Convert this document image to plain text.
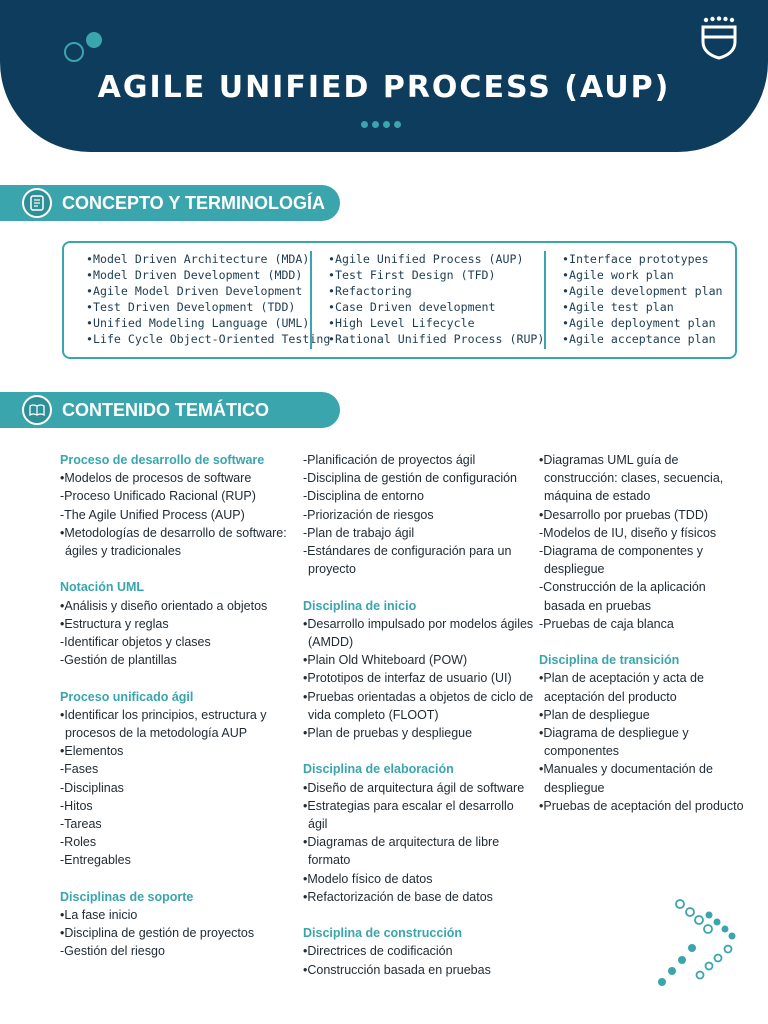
AGILE UNIFIED PROCESS (AUP)
CONCEPTO Y TERMINOLOGÍA
•Model Driven Architecture (MDA)
•Model Driven Development (MDD)
•Agile Model Driven Development
•Test Driven Development (TDD)
•Unified Modeling Language (UML)
•Life Cycle Object-Oriented Testing
•Agile Unified Process (AUP)
•Test First Design (TFD)
•Refactoring
•Case Driven development
•High Level Lifecycle
•Rational Unified Process (RUP)
•Interface prototypes
•Agile work plan
•Agile development plan
•Agile test plan
•Agile deployment plan
•Agile acceptance plan
CONTENIDO TEMÁTICO
Proceso de desarrollo de software
•Modelos de procesos de software
-Proceso Unificado Racional (RUP)
-The Agile Unified Process (AUP)
•Metodologías de desarrollo de software: ágiles y tradicionales
Notación UML
•Análisis y diseño orientado a objetos
•Estructura y reglas
-Identificar objetos y clases
-Gestión de plantillas
Proceso unificado ágil
•Identificar los principios, estructura y procesos de la metodología AUP
•Elementos
-Fases
-Disciplinas
-Hitos
-Tareas
-Roles
-Entregables
Disciplinas de soporte
•La fase inicio
•Disciplina de gestión de proyectos
-Gestión del riesgo
-Planificación de proyectos ágil
-Disciplina de gestión de configuración
-Disciplina de entorno
-Priorización de riesgos
-Plan de trabajo ágil
-Estándares de configuración para un proyecto
Disciplina de inicio
•Desarrollo impulsado por modelos ágiles (AMDD)
•Plain Old Whiteboard (POW)
•Prototipos de interfaz de usuario (UI)
•Pruebas orientadas a objetos de ciclo de vida completo (FLOOT)
•Plan de pruebas y despliegue
Disciplina de elaboración
•Diseño de arquitectura ágil de software
•Estrategias para escalar el desarrollo ágil
•Diagramas de arquitectura de libre formato
•Modelo físico de datos
•Refactorización de base de datos
Disciplina de construcción
•Directrices de codificación
•Construcción basada en pruebas
•Diagramas UML guía de construcción: clases, secuencia, máquina de estado
•Desarrollo por pruebas (TDD)
-Modelos de IU, diseño y físicos
-Diagrama de componentes y despliegue
-Construcción de la aplicación basada en pruebas
-Pruebas de caja blanca
Disciplina de transición
•Plan de aceptación y acta de aceptación del producto
•Plan de despliegue
•Diagrama de despliegue y componentes
•Manuales y documentación de despliegue
•Pruebas de aceptación del producto
